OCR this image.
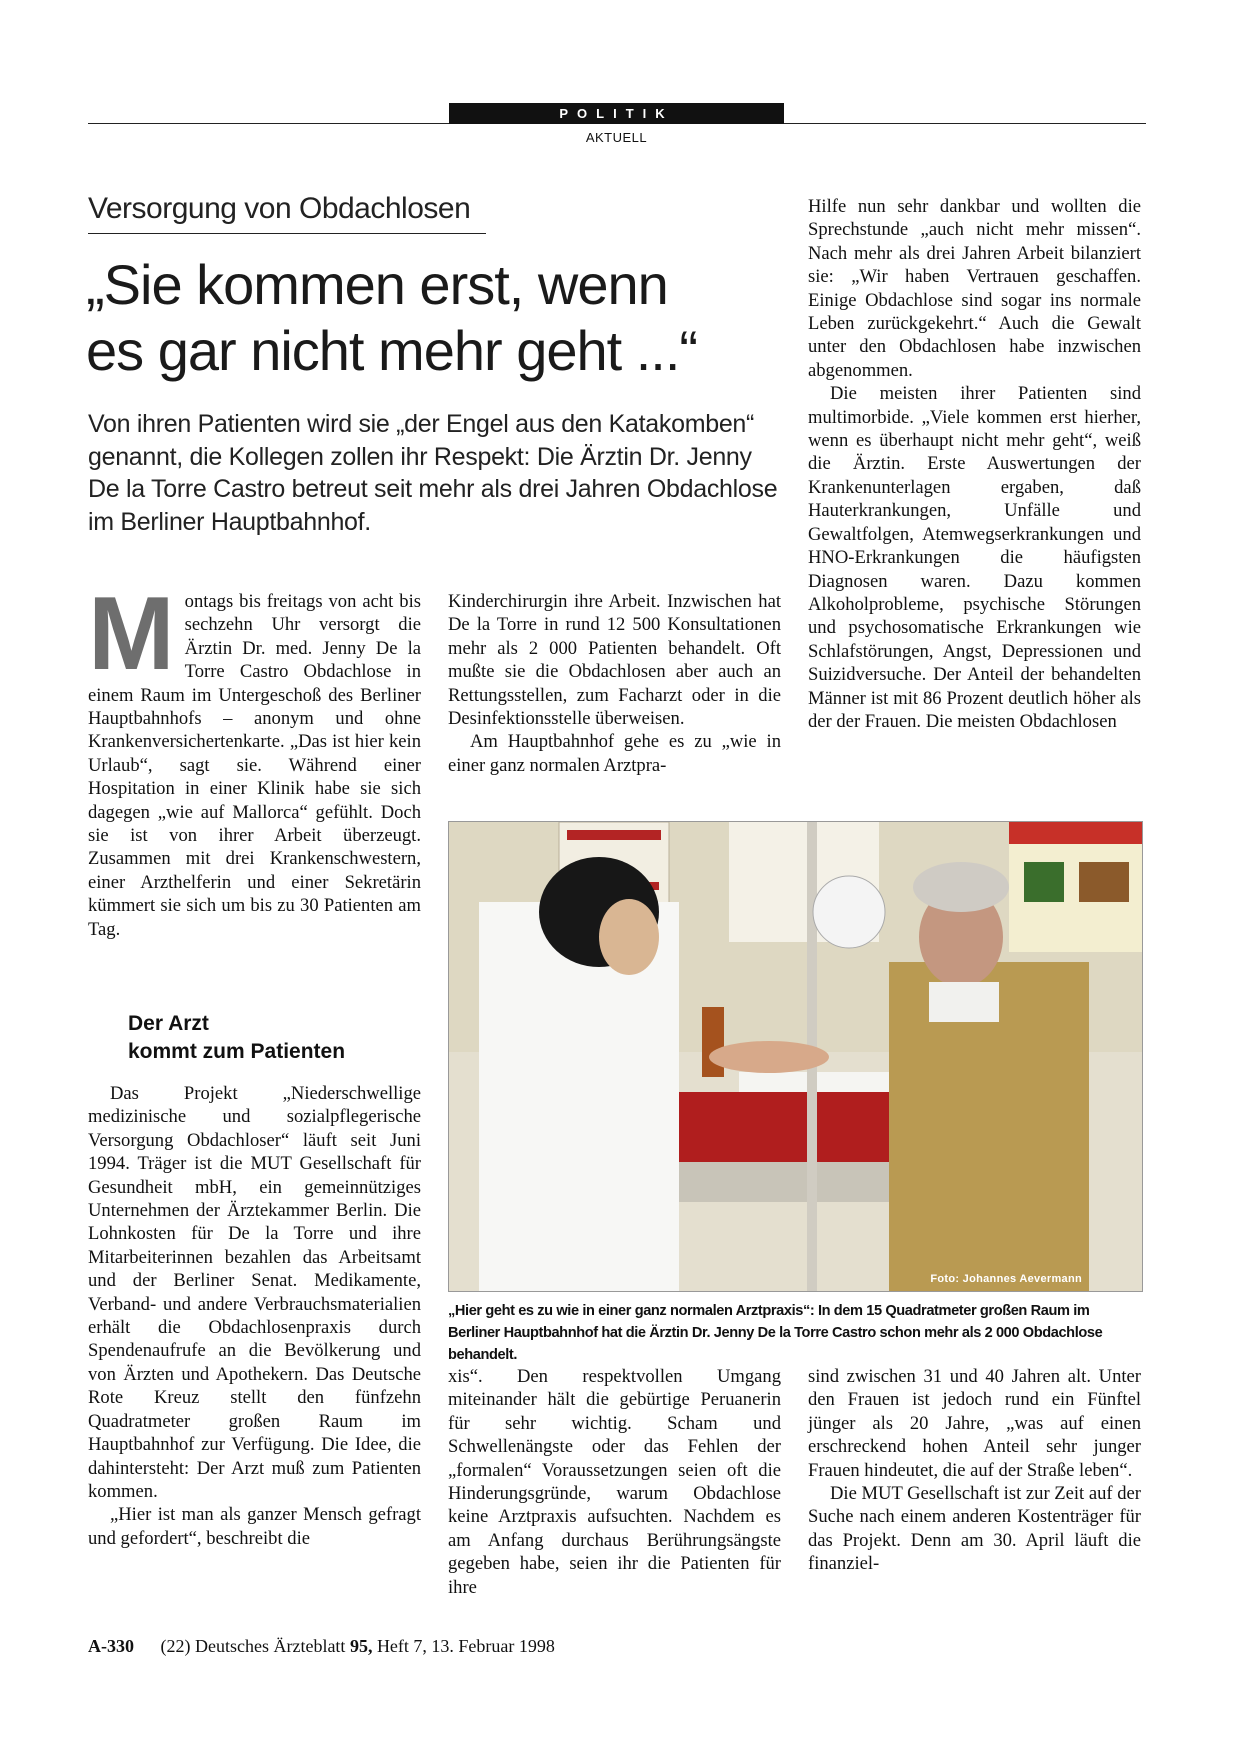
POLITIK
AKTUELL
Versorgung von Obdachlosen
„Sie kommen erst, wenn
es gar nicht mehr geht ...“

Von ihren Patienten wird sie „der Engel aus den Katakomben“ genannt, die Kollegen zollen ihr Respekt: Die Ärztin Dr. Jenny De la Torre Castro betreut seit mehr als drei Jahren Obdachlose im Berliner Hauptbahnhof.

M ontags bis freitags von acht bis sechzehn Uhr versorgt die Ärztin Dr. med. Jenny De la Torre Castro Obdachlose in einem Raum im Untergeschoß des Berliner Hauptbahnhofs – anonym und ohne Krankenversichertenkarte. „Das ist hier kein Urlaub“, sagt sie. Während einer Hospitation in einer Klinik habe sie sich dagegen „wie auf Mallorca“ gefühlt. Doch sie ist von ihrer Arbeit überzeugt. Zusammen mit drei Krankenschwestern, einer Arzthelferin und einer Sekretärin kümmert sie sich um bis zu 30 Patienten am Tag.

Der Arzt
kommt zum Patienten

Das Projekt „Niederschwellige medizinische und sozialpflegerische Versorgung Obdachloser“ läuft seit Juni 1994. Träger ist die MUT Gesellschaft für Gesundheit mbH, ein gemeinnütziges Unternehmen der Ärztekammer Berlin. Die Lohnkosten für De la Torre und ihre Mitarbeiterinnen bezahlen das Arbeitsamt und der Berliner Senat. Medikamente, Verband- und andere Verbrauchsmaterialien erhält die Obdachlosenpraxis durch Spendenaufrufe an die Bevölkerung und von Ärzten und Apothekern. Das Deutsche Rote Kreuz stellt den fünfzehn Quadratmeter großen Raum im Hauptbahnhof zur Verfügung. Die Idee, die dahintersteht: Der Arzt muß zum Patienten kommen.

„Hier ist man als ganzer Mensch gefragt und gefordert“, beschreibt die

Kinderchirurgin ihre Arbeit. Inzwischen hat De la Torre in rund 12 500 Konsultationen mehr als 2 000 Patienten behandelt. Oft mußte sie die Obdachlosen aber auch an Rettungsstellen, zum Facharzt oder in die Desinfektionsstelle überweisen.

Am Hauptbahnhof gehe es zu „wie in einer ganz normalen Arztpra-

Hilfe nun sehr dankbar und wollten die Sprechstunde „auch nicht mehr missen“. Nach mehr als drei Jahren Arbeit bilanziert sie: „Wir haben Vertrauen geschaffen. Einige Obdachlose sind sogar ins normale Leben zurückgekehrt.“ Auch die Gewalt unter den Obdachlosen habe inzwischen abgenommen.

Die meisten ihrer Patienten sind multimorbide. „Viele kommen erst hierher, wenn es überhaupt nicht mehr geht“, weiß die Ärztin. Erste Auswertungen der Krankenunterlagen ergaben, daß Hauterkrankungen, Unfälle und Gewaltfolgen, Atemwegserkrankungen und HNO-Erkrankungen die häufigsten Diagnosen waren. Dazu kommen Alkoholprobleme, psychische Störungen und psychosomatische Erkrankungen wie Schlafstörungen, Angst, Depressionen und Suizidversuche. Der Anteil der behandelten Männer ist mit 86 Prozent deutlich höher als der der Frauen. Die meisten Obdachlosen

Foto: Johannes Aevermann

„Hier geht es zu wie in einer ganz normalen Arztpraxis“: In dem 15 Quadratmeter großen Raum im Berliner Hauptbahnhof hat die Ärztin Dr. Jenny De la Torre Castro schon mehr als 2 000 Obdachlose behandelt.

xis“. Den respektvollen Umgang miteinander hält die gebürtige Peruanerin für sehr wichtig. Scham und Schwellenängste oder das Fehlen der „formalen“ Voraussetzungen seien oft die Hinderungsgründe, warum Obdachlose keine Arztpraxis aufsuchten. Nachdem es am Anfang durchaus Berührungsängste gegeben habe, seien ihr die Patienten für ihre

sind zwischen 31 und 40 Jahren alt. Unter den Frauen ist jedoch rund ein Fünftel jünger als 20 Jahre, „was auf einen erschreckend hohen Anteil sehr junger Frauen hindeutet, die auf der Straße leben“.

Die MUT Gesellschaft ist zur Zeit auf der Suche nach einem anderen Kostenträger für das Projekt. Denn am 30. April läuft die finanziel-

A-330 (22) Deutsches Ärzteblatt 95, Heft 7, 13. Februar 1998
